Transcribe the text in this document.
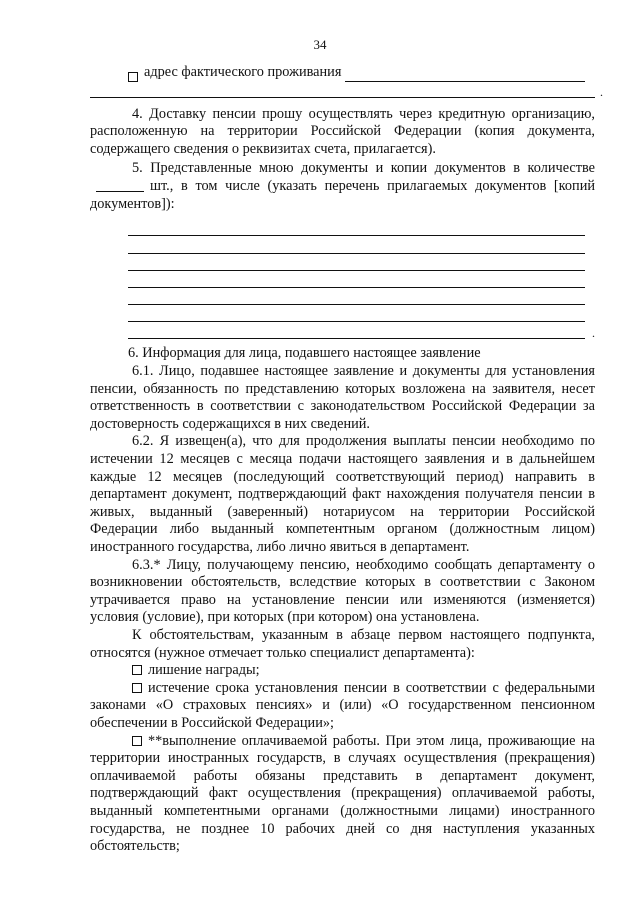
34
адрес фактического проживания
.

4. Доставку пенсии прошу осуществлять через кредитную организацию, расположенную на территории Российской Федерации (копия документа, содержащего сведения о реквизитах счета, прилагается).

5. Представленные мною документы и копии документов в количествешт., в том числе (указать перечень прилагаемых документов [копий документов]):

.

6. Информация для лица, подавшего настоящее заявление

6.1. Лицо, подавшее настоящее заявление и документы для установления пенсии, обязанность по представлению которых возложена на заявителя, несет ответственность в соответствии с законодательством Российской Федерации за достоверность содержащихся в них сведений.

6.2. Я извещен(а), что для продолжения выплаты пенсии необходимо по истечении 12 месяцев с месяца подачи настоящего заявления и в дальнейшем каждые 12 месяцев (последующий соответствующий период) направить в департамент документ, подтверждающий факт нахождения получателя пенсии в живых, выданный (заверенный) нотариусом на территории Российской Федерации либо выданный компетентным органом (должностным лицом) иностранного государства, либо лично явиться в департамент.

6.3.* Лицу, получающему пенсию, необходимо сообщать департаменту о возникновении обстоятельств, вследствие которых в соответствии с Законом утрачивается право на установление пенсии или изменяются (изменяется) условия (условие), при которых (при котором) она установлена.

К обстоятельствам, указанным в абзаце первом настоящего подпункта, относятся (нужное отмечает только специалист департамента):

лишение награды;

истечение срока установления пенсии в соответствии с федеральными законами «О страховых пенсиях» и (или) «О государственном пенсионном обеспечении в Российской Федерации»;

**выполнение оплачиваемой работы. При этом лица, проживающие на территории иностранных государств, в случаях осуществления (прекращения) оплачиваемой работы обязаны представить в департамент документ, подтверждающий факт осуществления (прекращения) оплачиваемой работы, выданный компетентными органами (должностными лицами) иностранного государства, не позднее 10 рабочих дней со дня наступления указанных обстоятельств;
